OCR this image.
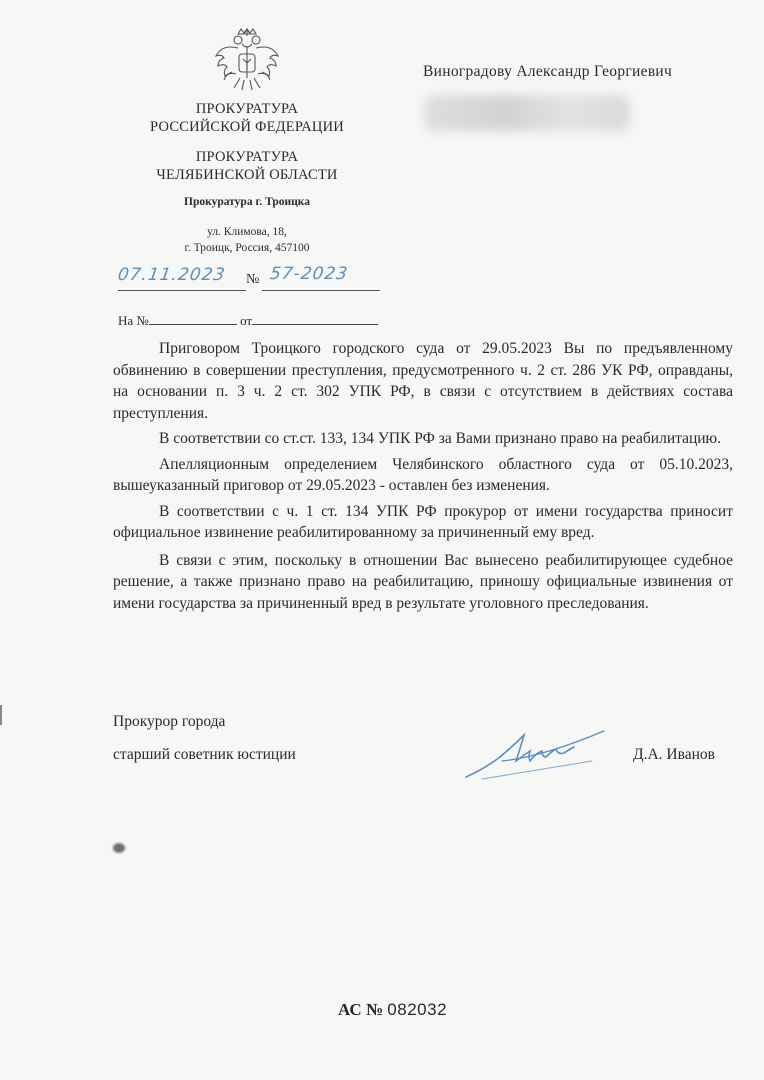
ПРОКУРАТУРА
РОССИЙСКОЙ ФЕДЕРАЦИИ
ПРОКУРАТУРА
ЧЕЛЯБИНСКОЙ ОБЛАСТИ
Прокуратура г. Троицка
ул. Климова, 18,
г. Троицк, Россия, 457100
Виноградову Александр Георгиевич
07.11.2023	№ 57-2023
На №	от

Приговором Троицкого городского суда от 29.05.2023 Вы по предъявленному обвинению в совершении преступления, предусмотренного ч. 2 ст. 286 УК РФ, оправданы, на основании п. 3 ч. 2 ст. 302 УПК РФ, в связи с отсутствием в действиях состава преступления.

В соответствии со ст.ст. 133, 134 УПК РФ за Вами признано право на реабилитацию.

Апелляционным определением Челябинского областного суда от 05.10.2023, вышеуказанный приговор от 29.05.2023 - оставлен без изменения.

В соответствии с ч. 1 ст. 134 УПК РФ прокурор от имени государства приносит официальное извинение реабилитированному за причиненный ему вред.

В связи с этим, поскольку в отношении Вас вынесено реабилитирующее судебное решение, а также признано право на реабилитацию, приношу официальные извинения от имени государства за причиненный вред в результате уголовного преследования.

Прокурор города
старший советник юстиции	Д.А. Иванов
АС № 082032
